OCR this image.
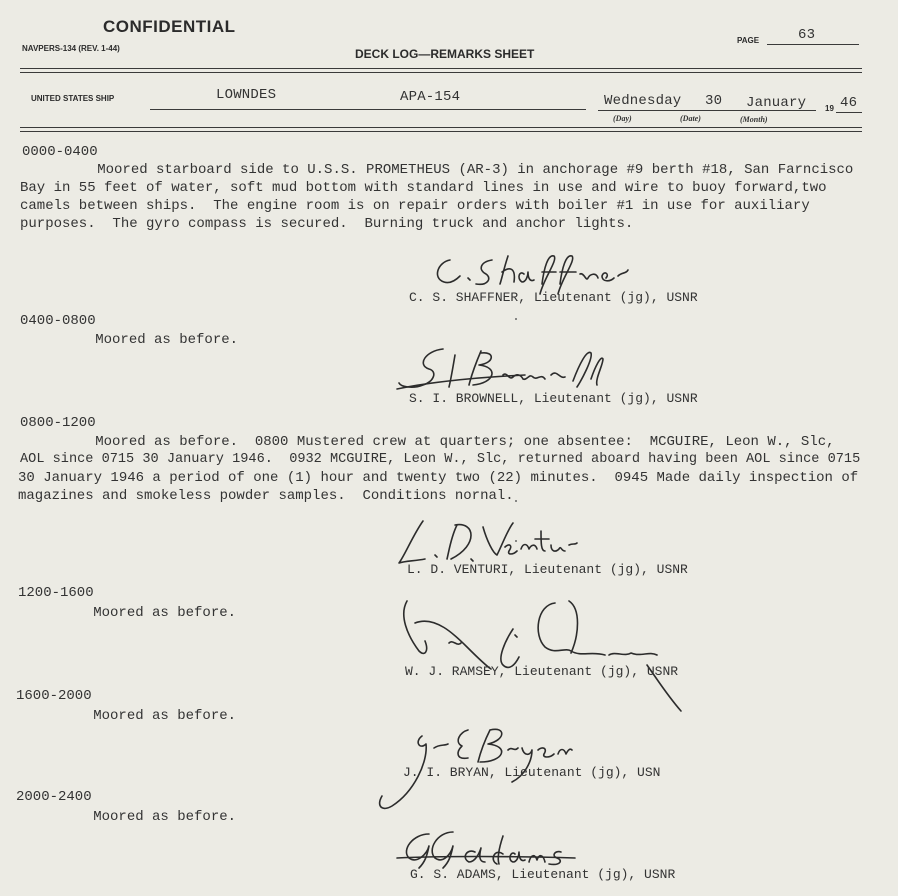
CONFIDENTIAL
NAVPERS-134 (REV. 1-44)	DECK LOG—REMARKS SHEET
PAGE	63
UNITED STATES SHIP	LOWNDES	APA-154	Wednesday 30 January 19 46
(Day)	(Date)	(Month)
0000-0400
Moored starboard side to U.S.S. PROMETHEUS (AR-3) in anchorage #9 berth #18, San Farncisco
Bay in 55 feet of water, soft mud bottom with standard lines in use and wire to buoy forward,two
camels between ships.  The engine room is on repair orders with boiler #1 in use for auxiliary
purposes.  The gyro compass is secured.  Burning truck and anchor lights.
C. S. SHAFFNER, Lieutenant (jg), USNR
0400-0800
Moored as before.
S. I. BROWNELL, Lieutenant (jg), USNR
0800-1200
Moored as before.  0800 Mustered crew at quarters; one absentee:  MCGUIRE, Leon W., Slc,
AOL since 0715 30 January 1946.  0932 MCGUIRE, Leon W., Slc, returned aboard having been AOL since 0715
30 January 1946 a period of one (1) hour and twenty two (22) minutes.  0945 Made daily inspection of
magazines and smokeless powder samples.  Conditions nornal.
L. D. VENTURI, Lieutenant (jg), USNR
1200-1600
Moored as before.
W. J. RAMSEY, Lieutenant (jg), USNR
1600-2000
Moored as before.
J. I. BRYAN, Lieutenant (jg), USN
2000-2400
Moored as before.
G. S. ADAMS, Lieutenant (jg), USNR
